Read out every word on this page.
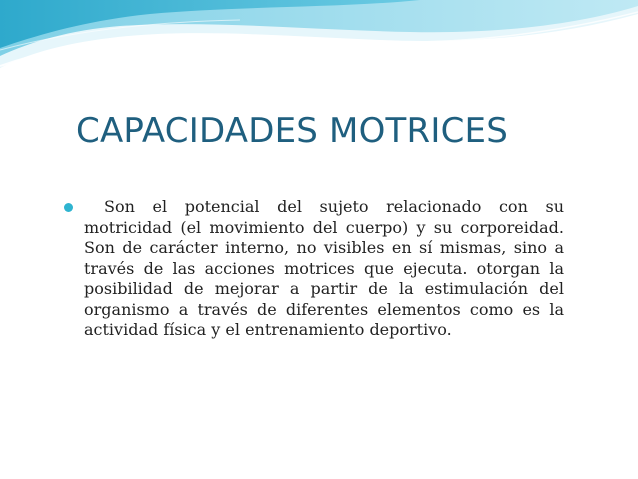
CAPACIDADES MOTRICES

Son el potencial del sujeto relacionado con su motricidad (el movimiento del cuerpo) y su corporeidad. Son de carácter interno, no visibles en sí mismas, sino a través de las acciones motrices que ejecuta. otorgan la posibilidad de mejorar a partir de la estimulación del organismo a través de diferentes elementos como es la actividad física y el entrenamiento deportivo.
